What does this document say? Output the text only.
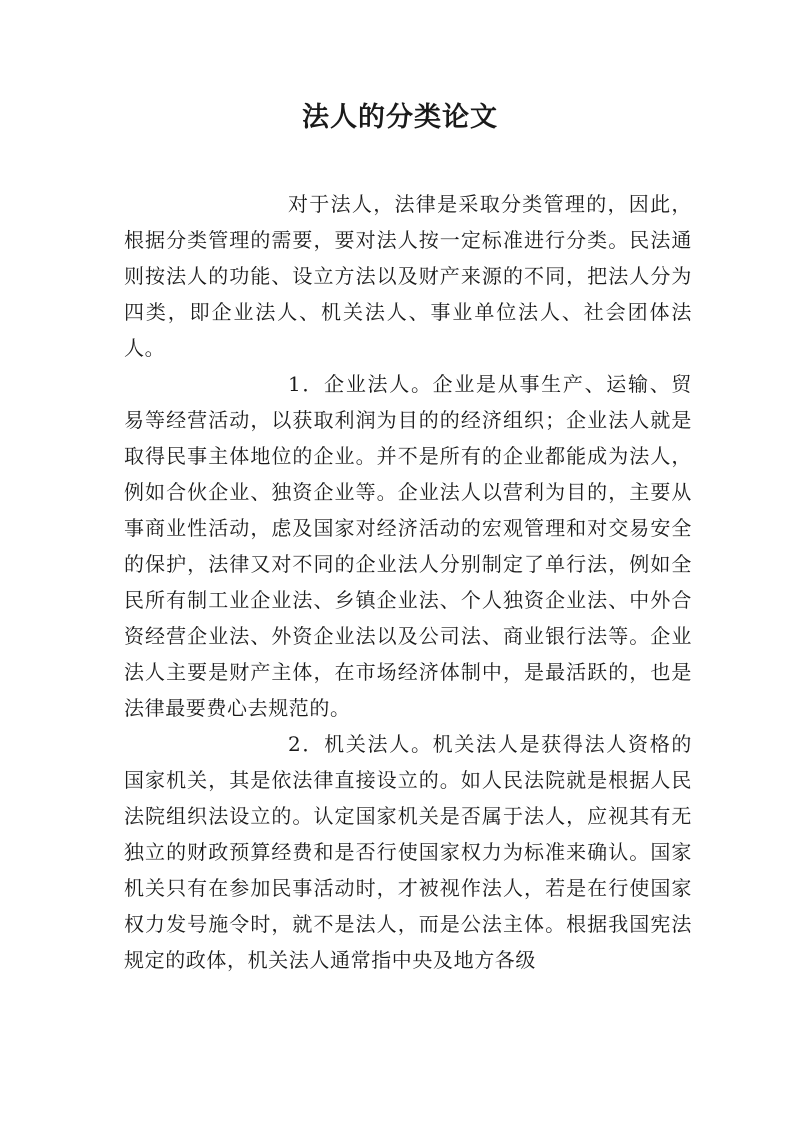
法人的分类论文

对于法人，法律是采取分类管理的，因此，根据分类管理的需要，要对法人按一定标准进行分类。民法通则按法人的功能、设立方法以及财产来源的不同，把法人分为四类，即企业法人、机关法人、事业单位法人、社会团体法人。

1．企业法人。企业是从事生产、运输、贸易等经营活动，以获取利润为目的的经济组织；企业法人就是取得民事主体地位的企业。并不是所有的企业都能成为法人，例如合伙企业、独资企业等。企业法人以营利为目的，主要从事商业性活动，虑及国家对经济活动的宏观管理和对交易安全的保护，法律又对不同的企业法人分别制定了单行法，例如全民所有制工业企业法、乡镇企业法、个人独资企业法、中外合资经营企业法、外资企业法以及公司法、商业银行法等。企业法人主要是财产主体，在市场经济体制中，是最活跃的，也是法律最要费心去规范的。

2．机关法人。机关法人是获得法人资格的国家机关，其是依法律直接设立的。如人民法院就是根据人民法院组织法设立的。认定国家机关是否属于法人，应视其有无独立的财政预算经费和是否行使国家权力为标准来确认。国家机关只有在参加民事活动时，才被视作法人，若是在行使国家权力发号施令时，就不是法人，而是公法主体。根据我国宪法规定的政体，机关法人通常指中央及地方各级
